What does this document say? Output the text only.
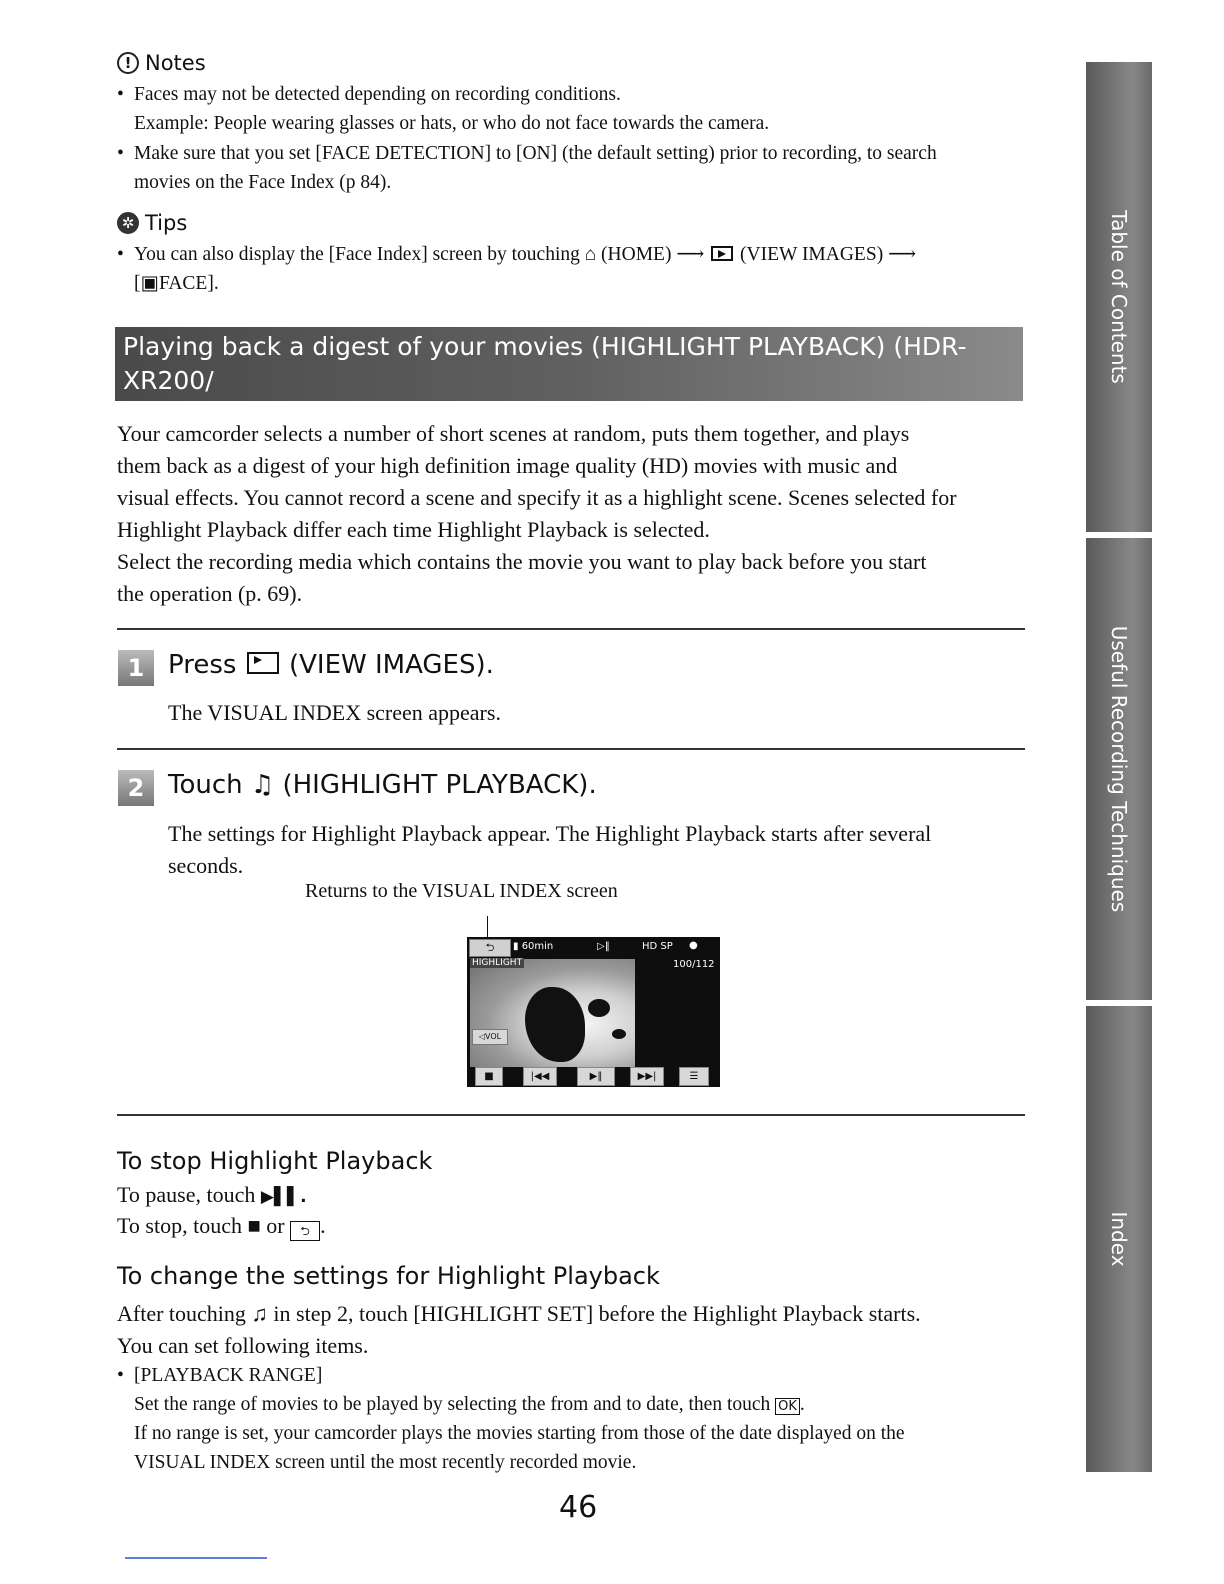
! Notes
• Faces may not be detected depending on recording conditions.
Example: People wearing glasses or hats, or who do not face towards the camera.
• Make sure that you set [FACE DETECTION] to [ON] (the default setting) prior to recording, to search
movies on the Face Index (p 84).
✲ Tips
• You can also display the [Face Index] screen by touching ⌂ (HOME) ⟶ (VIEW IMAGES) ⟶
[▣FACE].
Playing back a digest of your movies (HIGHLIGHT PLAYBACK) (HDR-XR200/
XR200V)
Your camcorder selects a number of short scenes at random, puts them together, and plays
them back as a digest of your high definition image quality (HD) movies with music and
visual effects. You cannot record a scene and specify it as a highlight scene. Scenes selected for
Highlight Playback differ each time Highlight Playback is selected.
Select the recording media which contains the movie you want to play back before you start
the operation (p. 69).
1 Press (VIEW IMAGES).
The VISUAL INDEX screen appears.
2 Touch ♫ (HIGHLIGHT PLAYBACK).
The settings for Highlight Playback appear. The Highlight Playback starts after several
seconds.
Returns to the VISUAL INDEX screen
⮌	▮ 60min	▷‖	HD SP ●
HIGHLIGHT	100/112
◁VOL
■	|◀◀	▶‖	▶▶|	☰
To stop Highlight Playback
To pause, touch ▶▌▌.
To stop, touch ■ or ⮌ .
To change the settings for Highlight Playback
After touching ♫ in step 2, touch [HIGHLIGHT SET] before the Highlight Playback starts.
You can set following items.
• [PLAYBACK RANGE]
Set the range of movies to be played by selecting the from and to date, then touch OK .
If no range is set, your camcorder plays the movies starting from those of the date displayed on the
VISUAL INDEX screen until the most recently recorded movie.
46
Table of Contents
Useful Recording Techniques
Index
